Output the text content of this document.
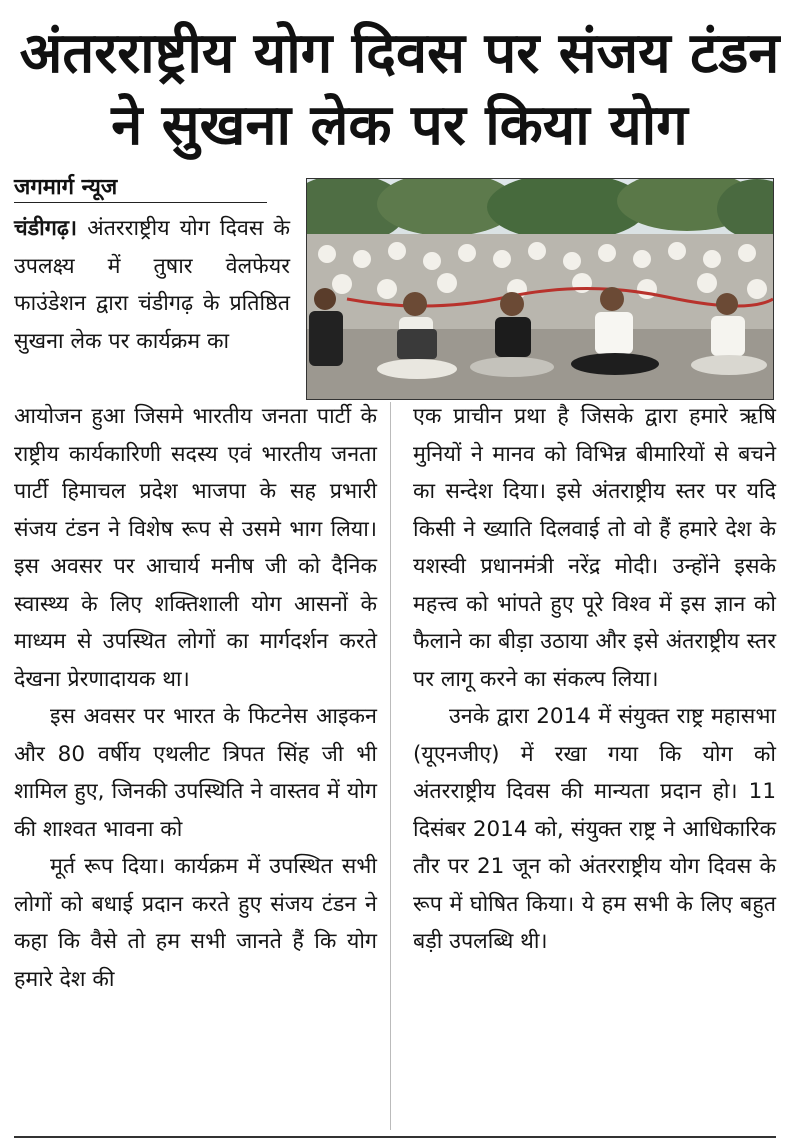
अंतरराष्ट्रीय योग दिवस पर संजय टंडन
ने सुखना लेक पर किया योग
जगमार्ग न्यूज

चंडीगढ़। अंतरराष्ट्रीय योग दिवस के उपलक्ष्य में तुषार वेलफेयर फाउंडेशन द्वारा चंडीगढ़ के प्रतिष्ठित सुखना लेक पर कार्यक्रम का

आयोजन हुआ जिसमे भारतीय जनता पार्टी के राष्ट्रीय कार्यकारिणी सदस्य एवं भारतीय जनता पार्टी हिमाचल प्रदेश भाजपा के सह प्रभारी संजय टंडन ने विशेष रूप से उसमे भाग लिया। इस अवसर पर आचार्य मनीष जी को दैनिक स्वास्थ्य के लिए शक्तिशाली योग आसनों के माध्यम से उपस्थित लोगों का मार्गदर्शन करते देखना प्रेरणादायक था।

इस अवसर पर भारत के फिटनेस आइकन और 80 वर्षीय एथलीट त्रिपत सिंह जी भी शामिल हुए, जिनकी उपस्थिति ने वास्तव में योग की शाश्वत भावना को

मूर्त रूप दिया। कार्यक्रम में उपस्थित सभी लोगों को बधाई प्रदान करते हुए संजय टंडन ने कहा कि वैसे तो हम सभी जानते हैं कि योग हमारे देश की

एक प्राचीन प्रथा है जिसके द्वारा हमारे ऋषि मुनियों ने मानव को विभिन्न बीमारियों से बचने का सन्देश दिया। इसे अंतराष्ट्रीय स्तर पर यदि किसी ने ख्याति दिलवाई तो वो हैं हमारे देश के यशस्वी प्रधानमंत्री नरेंद्र मोदी। उन्होंने इसके महत्त्व को भांपते हुए पूरे विश्व में इस ज्ञान को फैलाने का बीड़ा उठाया और इसे अंतराष्ट्रीय स्तर पर लागू करने का संकल्प लिया।

उनके द्वारा 2014 में संयुक्त राष्ट्र महासभा (यूएनजीए) में रखा गया कि योग को अंतरराष्ट्रीय दिवस की मान्यता प्रदान हो। 11 दिसंबर 2014 को, संयुक्त राष्ट्र ने आधिकारिक तौर पर 21 जून को अंतरराष्ट्रीय योग दिवस के रूप में घोषित किया। ये हम सभी के लिए बहुत बड़ी उपलब्धि थी।
